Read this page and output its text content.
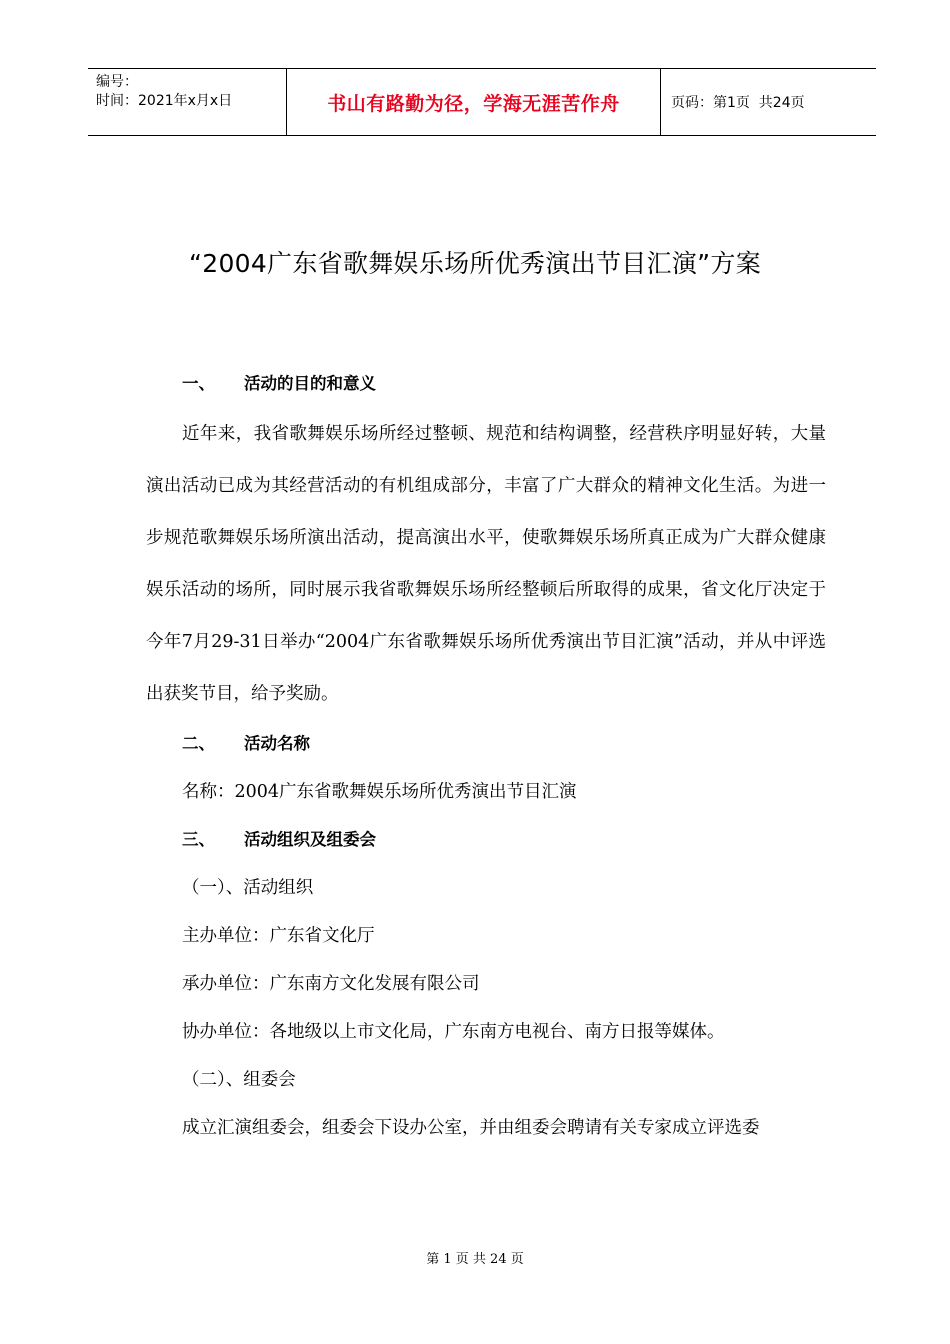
编号：
时间：2021年x月x日	书山有路勤为径，学海无涯苦作舟	页码：第1页  共24页
“2004广东省歌舞娱乐场所优秀演出节目汇演”方案
一、 活动的目的和意义

近年来，我省歌舞娱乐场所经过整顿、规范和结构调整，经营秩序明显好转，大量演出活动已成为其经营活动的有机组成部分，丰富了广大群众的精神文化生活。为进一步规范歌舞娱乐场所演出活动，提高演出水平，使歌舞娱乐场所真正成为广大群众健康娱乐活动的场所，同时展示我省歌舞娱乐场所经整顿后所取得的成果，省文化厅决定于今年7月29-31日举办“2004广东省歌舞娱乐场所优秀演出节目汇演”活动，并从中评选出获奖节目，给予奖励。

二、 活动名称
名称：2004广东省歌舞娱乐场所优秀演出节目汇演
三、 活动组织及组委会
（一）、活动组织
主办单位：广东省文化厅
承办单位：广东南方文化发展有限公司
协办单位：各地级以上市文化局，广东南方电视台、南方日报等媒体。
（二）、组委会
成立汇演组委会，组委会下设办公室，并由组委会聘请有关专家成立评选委
第 1 页 共 24 页
